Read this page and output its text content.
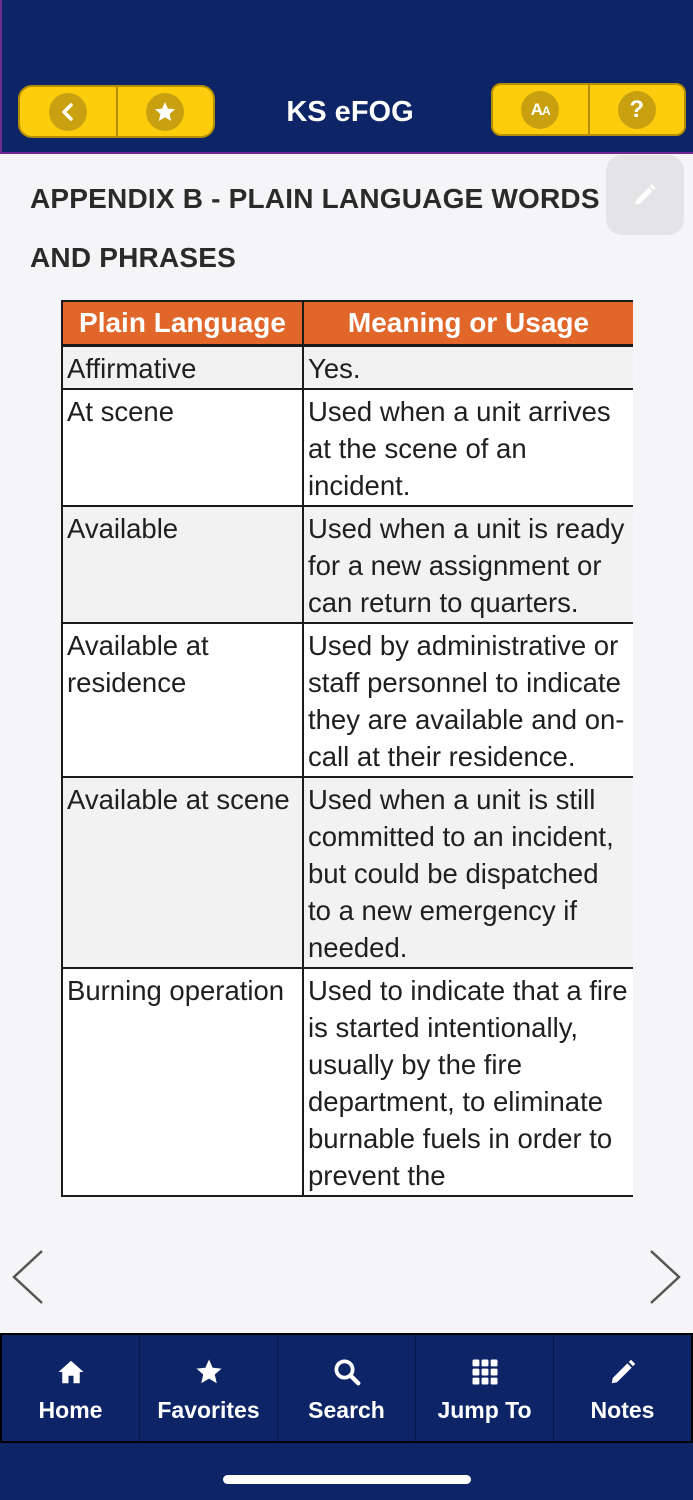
KS eFOG	AA	?
APPENDIX B - PLAIN LANGUAGE WORDS AND PHRASES
Plain Language	Meaning or Usage
Affirmative	Yes.
At scene	Used when a unit arrives at the scene of an incident.
Available	Used when a unit is ready for a new assignment or can return to quarters.
Available at residence	Used by administrative or staff personnel to indicate they are available and on-call at their residence.
Available at scene	Used when a unit is still committed to an incident, but could be dispatched to a new emergency if needed.
Burning operation	Used to indicate that a fire is started intentionally, usually by the fire department, to eliminate burnable fuels in order to prevent the
Home Favorites Search Jump To	Notes
